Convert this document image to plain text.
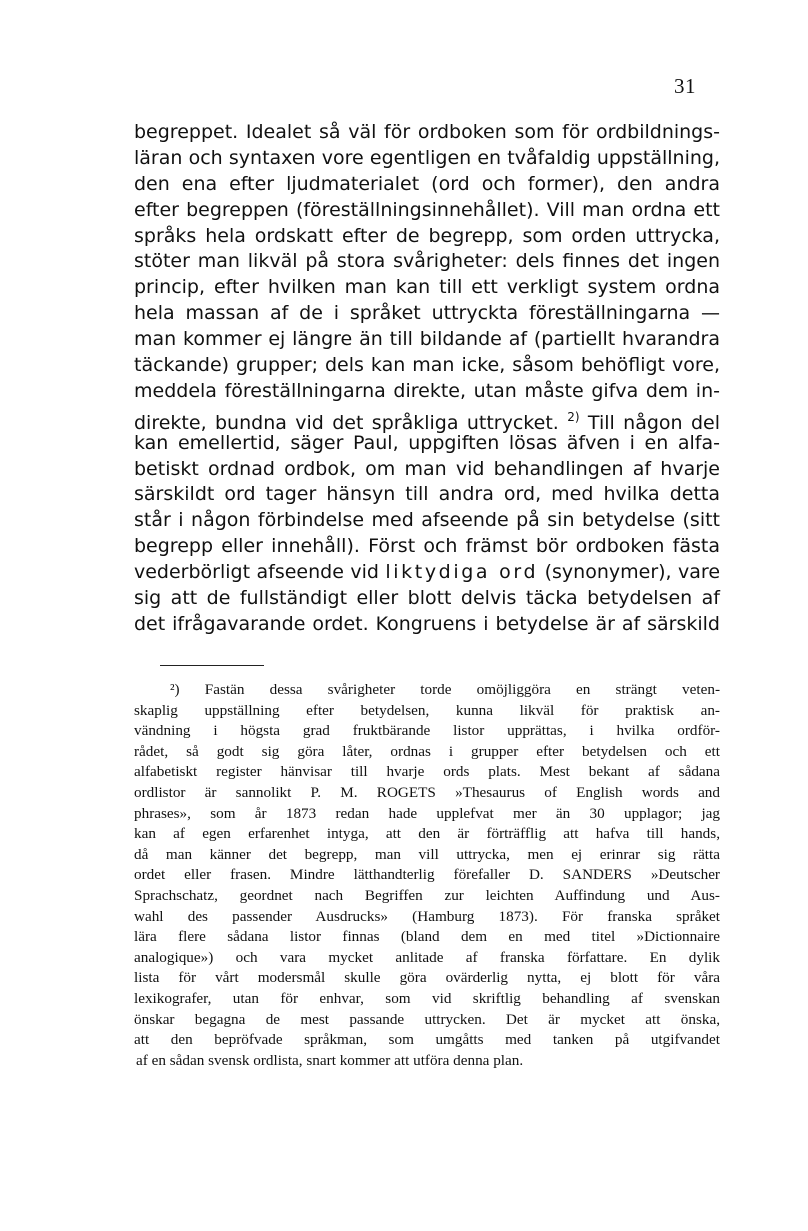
31
begreppet. Idealet så väl för ordboken som för ordbildnings-
läran och syntaxen vore egentligen en tvåfaldig uppställning,
den ena efter ljudmaterialet (ord och former), den andra
efter begreppen (föreställningsinnehållet). Vill man ordna ett
språks hela ordskatt efter de begrepp, som orden uttrycka,
stöter man likväl på stora svårigheter: dels finnes det ingen
princip, efter hvilken man kan till ett verkligt system ordna
hela massan af de i språket uttryckta föreställningarna —
man kommer ej längre än till bildande af (partiellt hvarandra
täckande) grupper; dels kan man icke, såsom behöfligt vore,
meddela föreställningarna direkte, utan måste gifva dem in-
direkte, bundna vid det språkliga uttrycket. $^{2)}$ Till någon del
kan emellertid, säger Paul, uppgiften lösas äfven i en alfa-
betiskt ordnad ordbok, om man vid behandlingen af hvarje
särskildt ord tager hänsyn till andra ord, med hvilka detta
står i någon förbindelse med afseende på sin betydelse (sitt
begrepp eller innehåll). Först och främst bör ordboken fästa
vederbörligt afseende vid liktydiga ord (synonymer), vare
sig att de fullständigt eller blott delvis täcka betydelsen af
det ifrågavarande ordet. Kongruens i betydelse är af särskild
²) Fastän dessa svårigheter torde omöjliggöra en strängt veten-
skaplig uppställning efter betydelsen, kunna likväl för praktisk an-
vändning i högsta grad fruktbärande listor upprättas, i hvilka ordför-
rådet, så godt sig göra låter, ordnas i grupper efter betydelsen och ett
alfabetiskt register hänvisar till hvarje ords plats. Mest bekant af sådana
ordlistor är sannolikt P. M. ROGETS »Thesaurus of English words and
phrases», som år 1873 redan hade upplefvat mer än 30 upplagor; jag
kan af egen erfarenhet intyga, att den är förträfflig att hafva till hands,
då man känner det begrepp, man vill uttrycka, men ej erinrar sig rätta
ordet eller frasen. Mindre lätthandterlig förefaller D. SANDERS »Deutscher
Sprachschatz, geordnet nach Begriffen zur leichten Auffindung und Aus-
wahl des passender Ausdrucks» (Hamburg 1873). För franska språket
lära flere sådana listor finnas (bland dem en med titel »Dictionnaire
analogique») och vara mycket anlitade af franska författare. En dylik
lista för vårt modersmål skulle göra ovärderlig nytta, ej blott för våra
lexikografer, utan för enhvar, som vid skriftlig behandling af svenskan
önskar begagna de mest passande uttrycken. Det är mycket att önska,
att den bepröfvade språkman, som umgåtts med tanken på utgifvandet
af en sådan svensk ordlista, snart kommer att utföra denna plan.
